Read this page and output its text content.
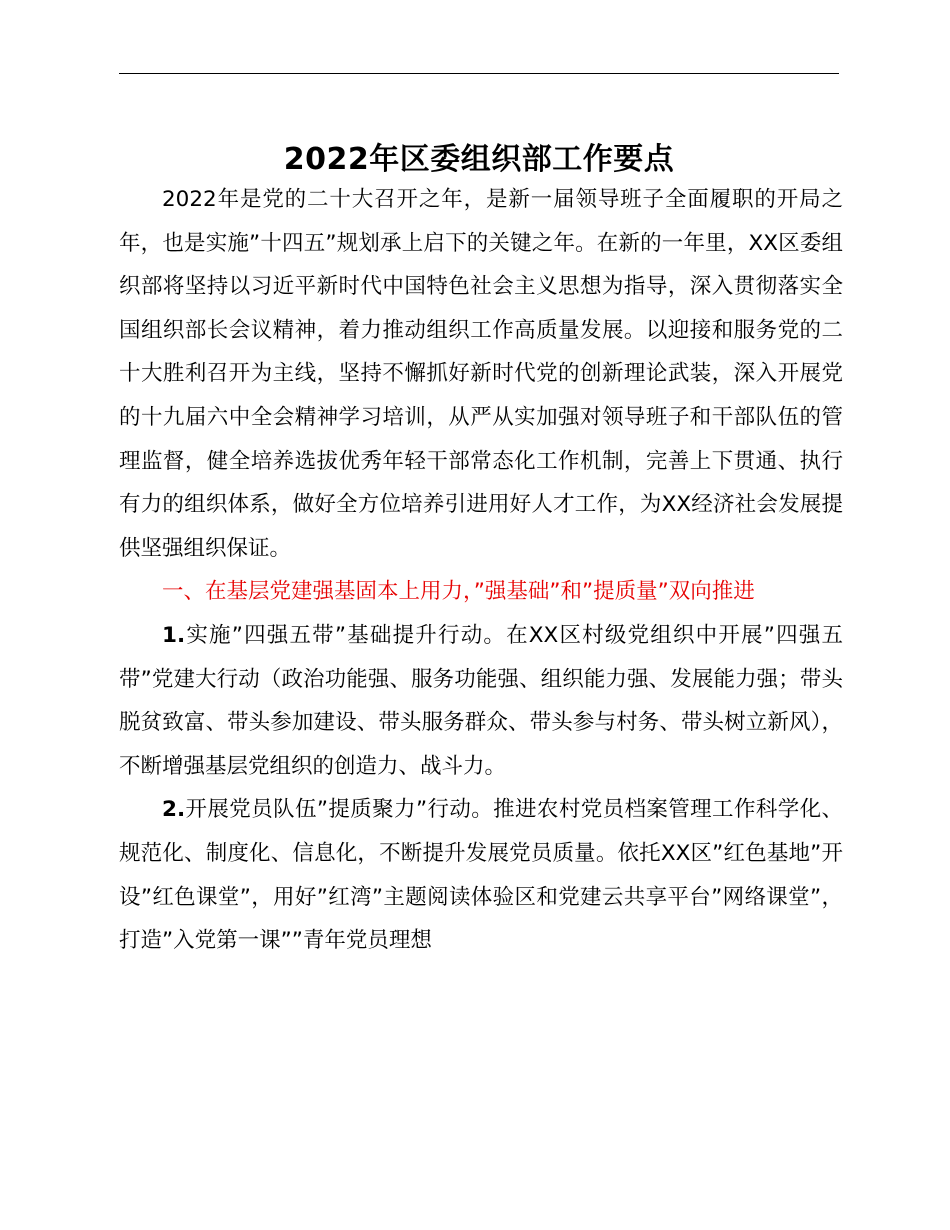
2022年区委组织部工作要点

2022年是党的二十大召开之年，是新一届领导班子全面履职的开局之年，也是实施”十四五”规划承上启下的关键之年。在新的一年里，XX区委组织部将坚持以习近平新时代中国特色社会主义思想为指导，深入贯彻落实全国组织部长会议精神，着力推动组织工作高质量发展。以迎接和服务党的二十大胜利召开为主线，坚持不懈抓好新时代党的创新理论武装，深入开展党的十九届六中全会精神学习培训，从严从实加强对领导班子和干部队伍的管理监督，健全培养选拔优秀年轻干部常态化工作机制，完善上下贯通、执行有力的组织体系，做好全方位培养引进用好人才工作，为XX经济社会发展提供坚强组织保证。

一、在基层党建强基固本上用力，”强基础”和”提质量”双向推进

1.实施”四强五带”基础提升行动。在XX区村级党组织中开展”四强五带”党建大行动（政治功能强、服务功能强、组织能力强、发展能力强；带头脱贫致富、带头参加建设、带头服务群众、带头参与村务、带头树立新风），不断增强基层党组织的创造力、战斗力。

2.开展党员队伍”提质聚力”行动。推进农村党员档案管理工作科学化、规范化、制度化、信息化，不断提升发展党员质量。依托XX区”红色基地”开设”红色课堂”，用好”红湾”主题阅读体验区和党建云共享平台”网络课堂”，打造”入党第一课””青年党员理想
